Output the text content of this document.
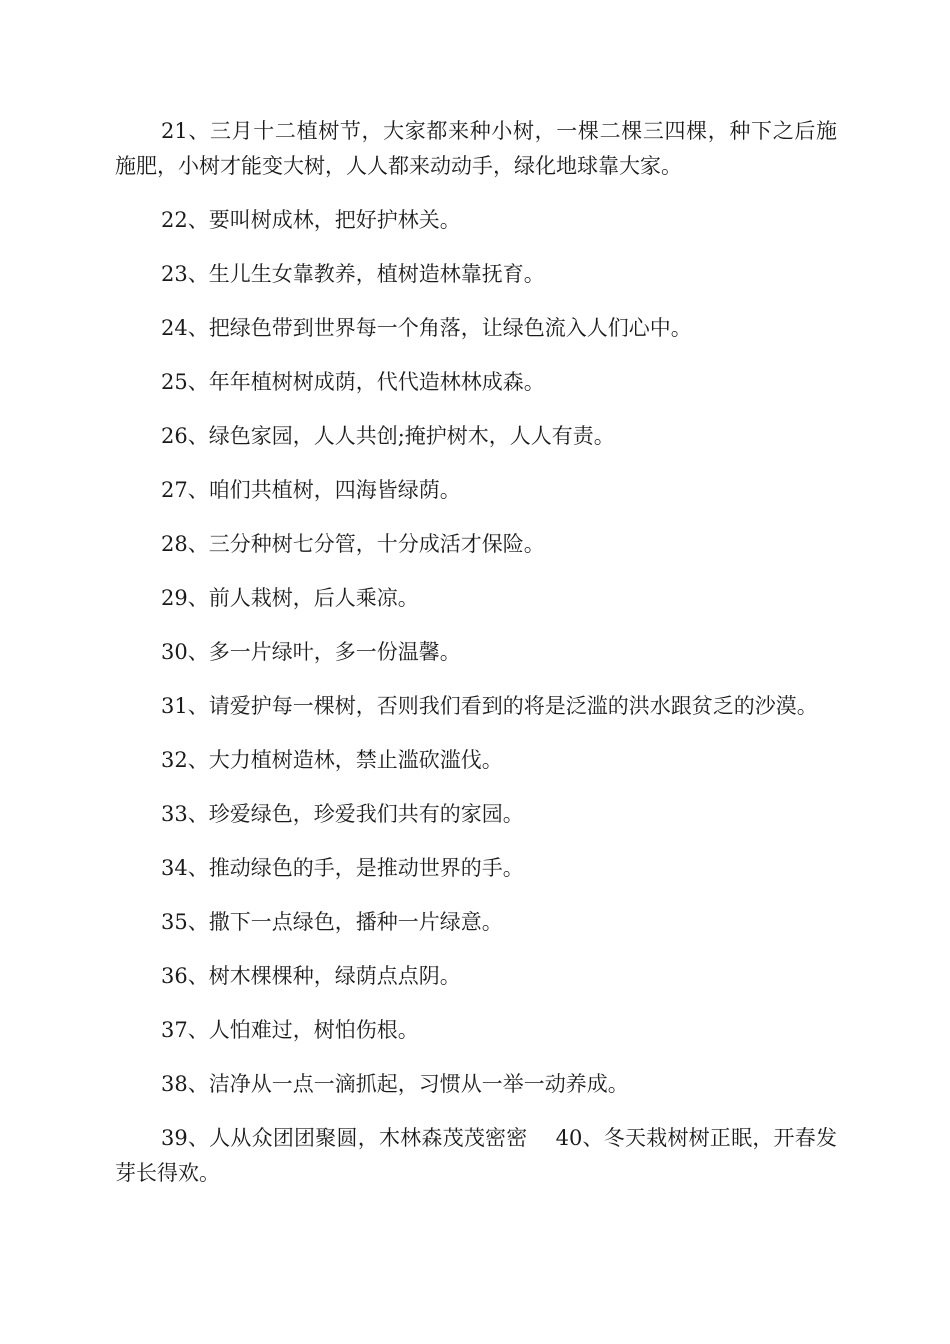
21、三月十二植树节，大家都来种小树，一棵二棵三四棵，种下之后施施肥，小树才能变大树，人人都来动动手，绿化地球靠大家。

22、要叫树成林，把好护林关。

23、生儿生女靠教养，植树造林靠抚育。

24、把绿色带到世界每一个角落，让绿色流入人们心中。

25、年年植树树成荫，代代造林林成森。

26、绿色家园，人人共创;掩护树木，人人有责。

27、咱们共植树，四海皆绿荫。

28、三分种树七分管，十分成活才保险。

29、前人栽树，后人乘凉。

30、多一片绿叶，多一份温馨。

31、请爱护每一棵树，否则我们看到的将是泛滥的洪水跟贫乏的沙漠。

32、大力植树造林，禁止滥砍滥伐。

33、珍爱绿色，珍爱我们共有的家园。

34、推动绿色的手，是推动世界的手。

35、撒下一点绿色，播种一片绿意。

36、树木棵棵种，绿荫点点阴。

37、人怕难过，树怕伤根。

38、洁净从一点一滴抓起，习惯从一举一动养成。

39、人从众团团聚圆，木林森茂茂密密　 40、冬天栽树树正眠，开春发芽长得欢。
